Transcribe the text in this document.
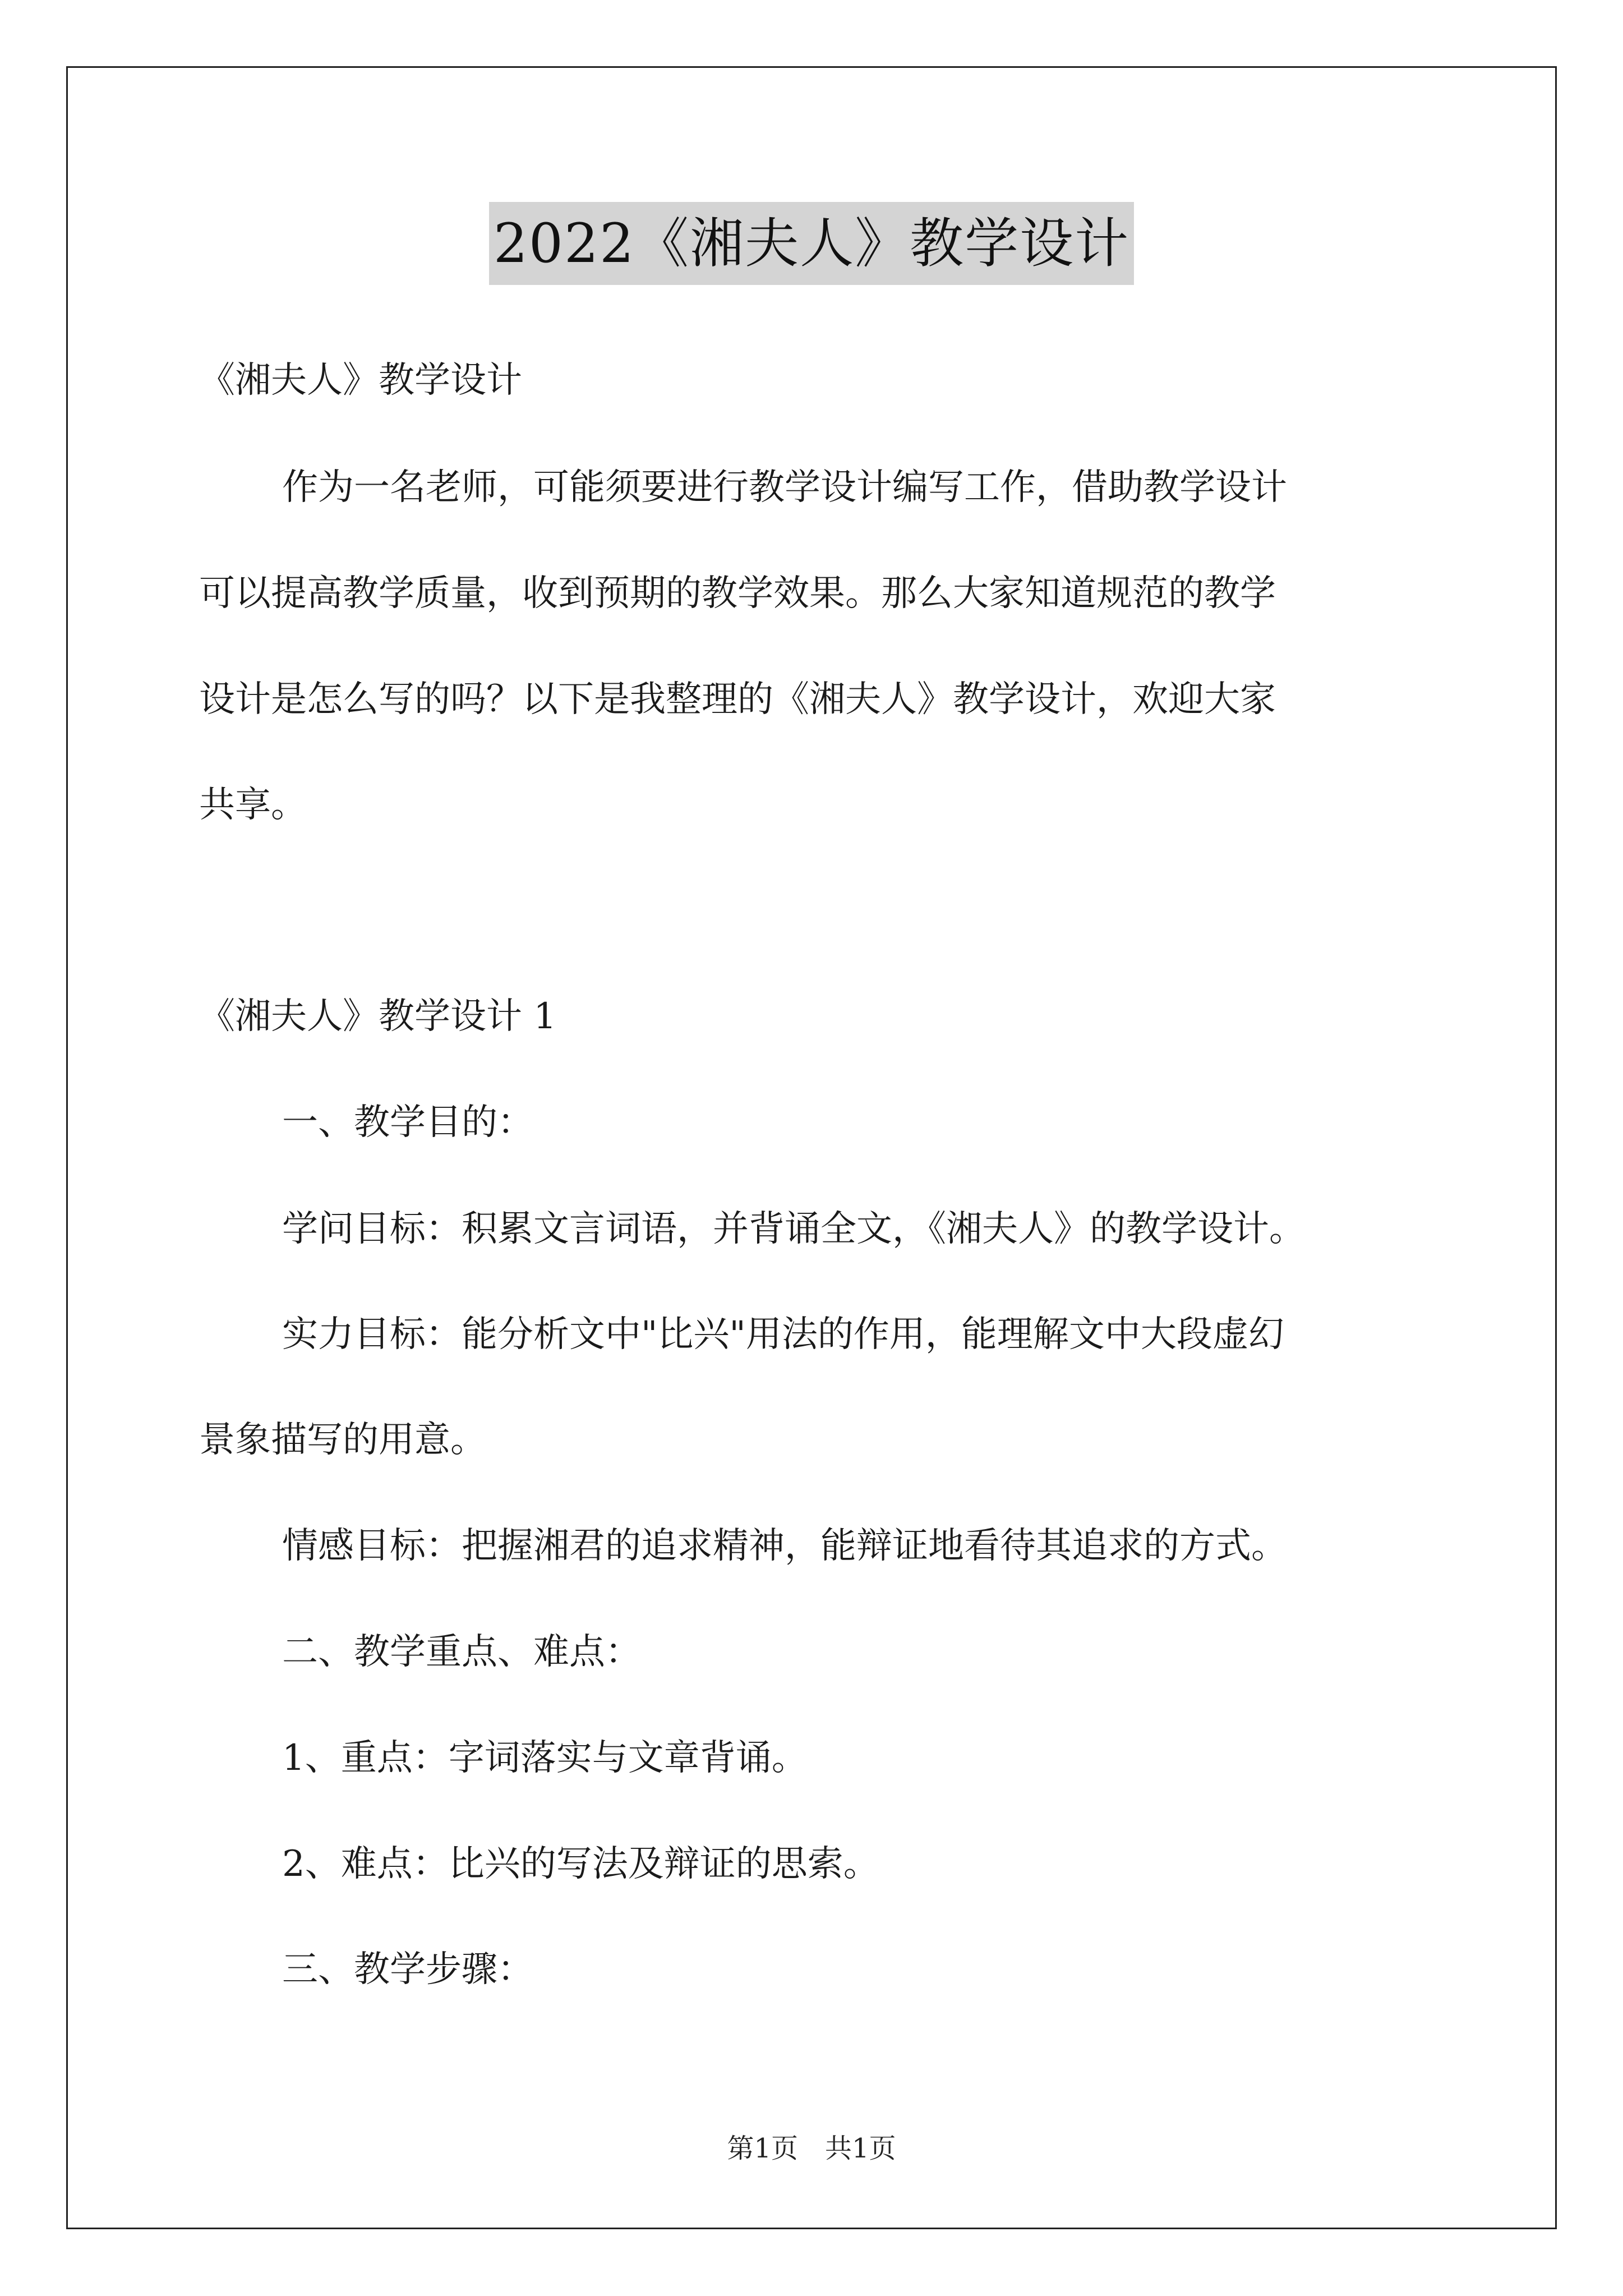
2022《湘夫人》教学设计
《湘夫人》教学设计
作为一名老师，可能须要进行教学设计编写工作，借助教学设计
可以提高教学质量，收到预期的教学效果。那么大家知道规范的教学
设计是怎么写的吗？以下是我整理的《湘夫人》教学设计，欢迎大家
共享。
《湘夫人》教学设计 1
一、教学目的：
学问目标：积累文言词语，并背诵全文，《湘夫人》的教学设计。
实力目标：能分析文中"比兴"用法的作用，能理解文中大段虚幻
景象描写的用意。
情感目标：把握湘君的追求精神，能辩证地看待其追求的方式。
二、教学重点、难点：
1、重点：字词落实与文章背诵。
2、难点：比兴的写法及辩证的思索。
三、教学步骤：
第1页　共1页
